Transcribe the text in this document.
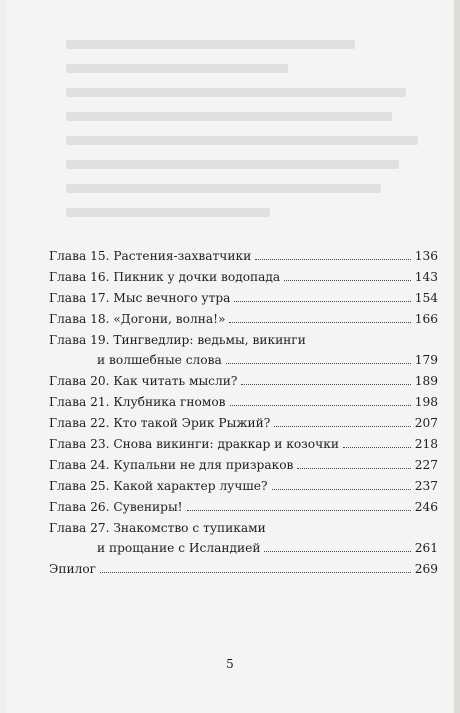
Глава 15. Растения-захватчики	136
Глава 16. Пикник у дочки водопада	143
Глава 17. Мыс вечного утра	154
Глава 18. «Догони, волна!»	166
Глава 19. Тингведлир: ведьмы, викинги
и волшебные слова	179
Глава 20. Как читать мысли?	189
Глава 21. Клубника гномов	198
Глава 22. Кто такой Эрик Рыжий?	207
Глава 23. Снова викинги: драккар и козочки	218
Глава 24. Купальни не для призраков	227
Глава 25. Какой характер лучше?	237
Глава 26. Сувениры!	246
Глава 27. Знакомство с тупиками
и прощание с Исландией	261
Эпилог	269
5
